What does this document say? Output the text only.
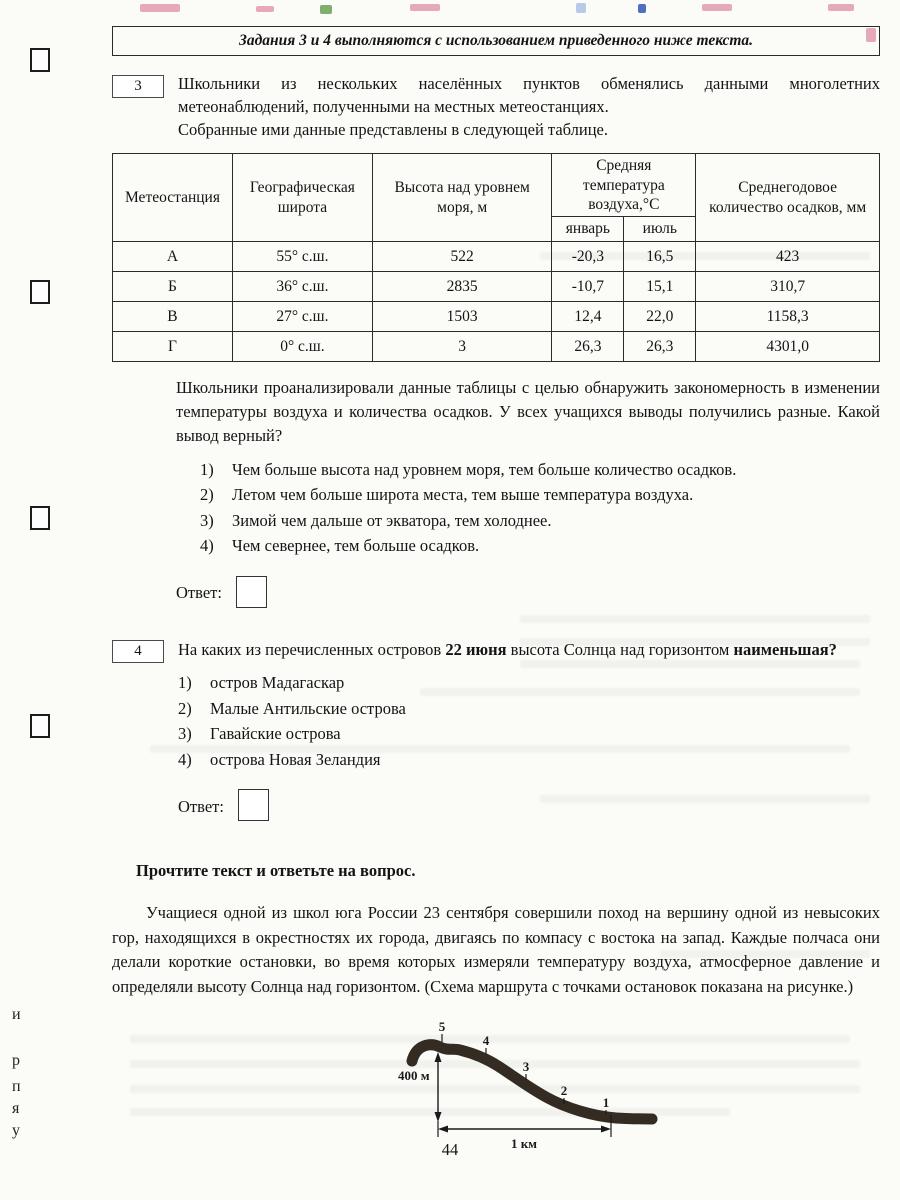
и
р
п
я
у
Задания 3 и 4 выполняются с использованием приведенного ниже текста.
3	Школьники из нескольких населённых пунктов обменялись данными многолетних метеонаблюдений, полученными на местных метеостанциях.

Собранные ими данные представлены в следующей таблице.

Метеостанция	Географическая широта	Высота над уровнем моря, м	Средняя температура воздуха,°С		Среднегодовое количество осадков, мм
			январь	июль	
А	55° с.ш.	522	-20,3	16,5	423
Б	36° с.ш.	2835	-10,7	15,1	310,7
В	27° с.ш.	1503	12,4	22,0	1158,3
Г	0° с.ш.	3	26,3	26,3	4301,0
Школьники проанализировали данные таблицы с целью обнаружить закономерность в изменении температуры воздуха и количества осадков. У всех учащихся выводы получились разные. Какой вывод верный?
1) Чем больше высота над уровнем моря, тем больше количество осадков.
2) Летом чем больше широта места, тем выше температура воздуха.
3) Зимой чем дальше от экватора, тем холоднее.
4) Чем севернее, тем больше осадков.
Ответ:
4	На каких из перечисленных островов 22 июня высота Солнца над горизонтом наименьшая?
1) остров Мадагаскар
2) Малые Антильские острова
3) Гавайские острова
4) острова Новая Зеландия
Ответ:
Прочтите текст и ответьте на вопрос.
Учащиеся одной из школ юга России 23 сентября совершили поход на вершину одной из невысоких гор, находящихся в окрестностях их города, двигаясь по компасу с востока на запад. Каждые полчаса они делали короткие остановки, во время которых измеряли температуру воздуха, атмосферное давление и определяли высоту Солнца над горизонтом. (Схема маршрута с точками остановок показана на рисунке.)
5
4
3
2
1
400 м
1 км
44
